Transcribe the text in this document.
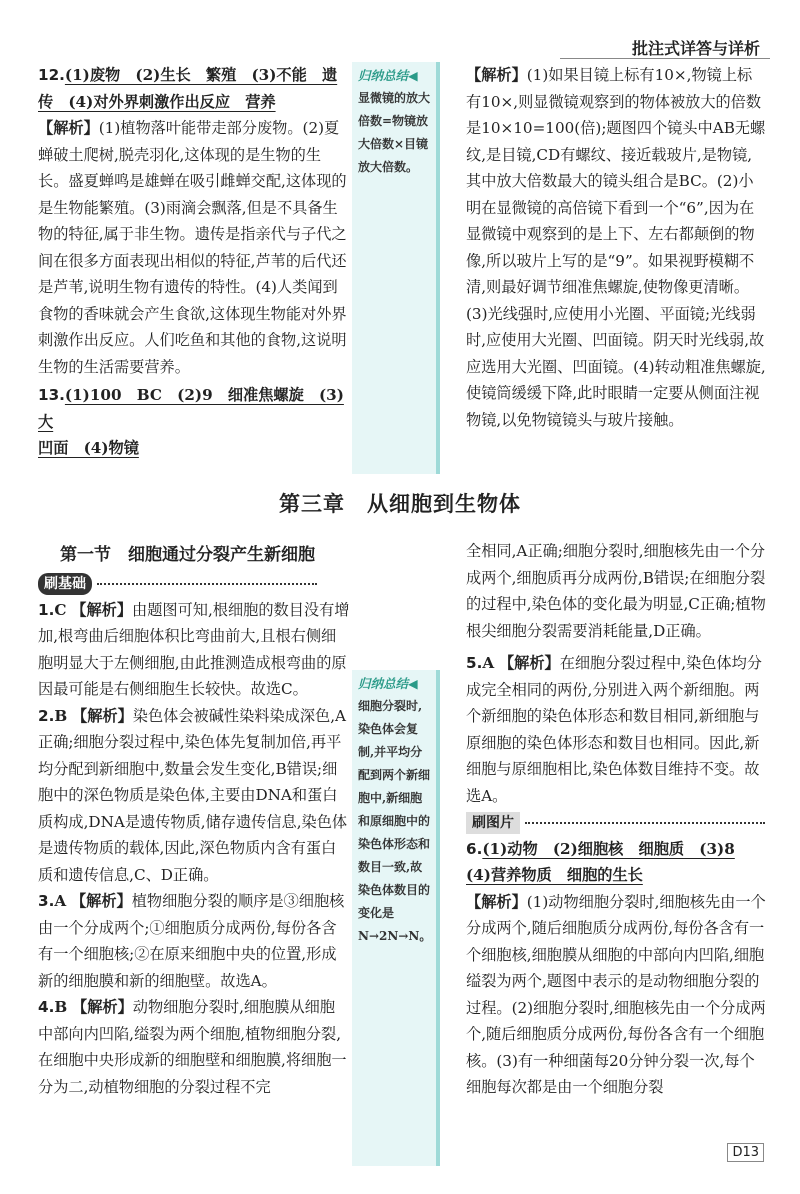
批注式详答与详析

12.(1)废物　(2)生长　繁殖　(3)不能　遗

传　(4)对外界刺激作出反应　营养

【解析】(1)植物落叶能带走部分废物。(2)夏蝉破土爬树,脱壳羽化,这体现的是生物的生长。盛夏蝉鸣是雄蝉在吸引雌蝉交配,这体现的是生物能繁殖。(3)雨滴会飘落,但是不具备生物的特征,属于非生物。遗传是指亲代与子代之间在很多方面表现出相似的特征,芦苇的后代还是芦苇,说明生物有遗传的特性。(4)人类闻到食物的香味就会产生食欲,这体现生物能对外界刺激作出反应。人们吃鱼和其他的食物,这说明生物的生活需要营养。

13.(1)100　BC　(2)9　细准焦螺旋　(3)大

凹面　(4)物镜

归纳总结◀
显微镜的放大倍数=物镜放大倍数×目镜放大倍数。

【解析】(1)如果目镜上标有10×,物镜上标有10×,则显微镜观察到的物体被放大的倍数是10×10=100(倍);题图四个镜头中AB无螺纹,是目镜,CD有螺纹、接近载玻片,是物镜,其中放大倍数最大的镜头组合是BC。(2)小明在显微镜的高倍镜下看到一个“6”,因为在显微镜中观察到的是上下、左右都颠倒的物像,所以玻片上写的是“9”。如果视野模糊不清,则最好调节细准焦螺旋,使物像更清晰。(3)光线强时,应使用小光圈、平面镜;光线弱时,应使用大光圈、凹面镜。阴天时光线弱,故应选用大光圈、凹面镜。(4)转动粗准焦螺旋,使镜筒缓缓下降,此时眼睛一定要从侧面注视物镜,以免物镜镜头与玻片接触。

第三章　从细胞到生物体
第一节　细胞通过分裂产生新细胞

刷基础

1.C 【解析】由题图可知,根细胞的数目没有增加,根弯曲后细胞体积比弯曲前大,且根右侧细胞明显大于左侧细胞,由此推测造成根弯曲的原因最可能是右侧细胞生长较快。故选C。

2.B 【解析】染色体会被碱性染料染成深色,A正确;细胞分裂过程中,染色体先复制加倍,再平均分配到新细胞中,数量会发生变化,B错误;细胞中的深色物质是染色体,主要由DNA和蛋白质构成,DNA是遗传物质,储存遗传信息,染色体是遗传物质的载体,因此,深色物质内含有蛋白质和遗传信息,C、D正确。

3.A 【解析】植物细胞分裂的顺序是③细胞核由一个分成两个;①细胞质分成两份,每份各含有一个细胞核;②在原来细胞中央的位置,形成新的细胞膜和新的细胞壁。故选A。

4.B 【解析】动物细胞分裂时,细胞膜从细胞中部向内凹陷,缢裂为两个细胞,植物细胞分裂,在细胞中央形成新的细胞壁和细胞膜,将细胞一分为二,动植物细胞的分裂过程不完

归纳总结◀
细胞分裂时,染色体会复制,并平均分配到两个新细胞中,新细胞和原细胞中的染色体形态和数目一致,故染色体数目的变化是N→2N→N。

全相同,A正确;细胞分裂时,细胞核先由一个分成两个,细胞质再分成两份,B错误;在细胞分裂的过程中,染色体的变化最为明显,C正确;植物根尖细胞分裂需要消耗能量,D正确。

5.A 【解析】在细胞分裂过程中,染色体均分成完全相同的两份,分别进入两个新细胞。两个新细胞的染色体形态和数目相同,新细胞与原细胞的染色体形态和数目也相同。因此,新细胞与原细胞相比,染色体数目维持不变。故选A。

刷图片

6.(1)动物　(2)细胞核　细胞质　(3)8

(4)营养物质　细胞的生长

【解析】(1)动物细胞分裂时,细胞核先由一个分成两个,随后细胞质分成两份,每份各含有一个细胞核,细胞膜从细胞的中部向内凹陷,细胞缢裂为两个,题图中表示的是动物细胞分裂的过程。(2)细胞分裂时,细胞核先由一个分成两个,随后细胞质分成两份,每份各含有一个细胞核。(3)有一种细菌每20分钟分裂一次,每个细胞每次都是由一个细胞分裂

D13
